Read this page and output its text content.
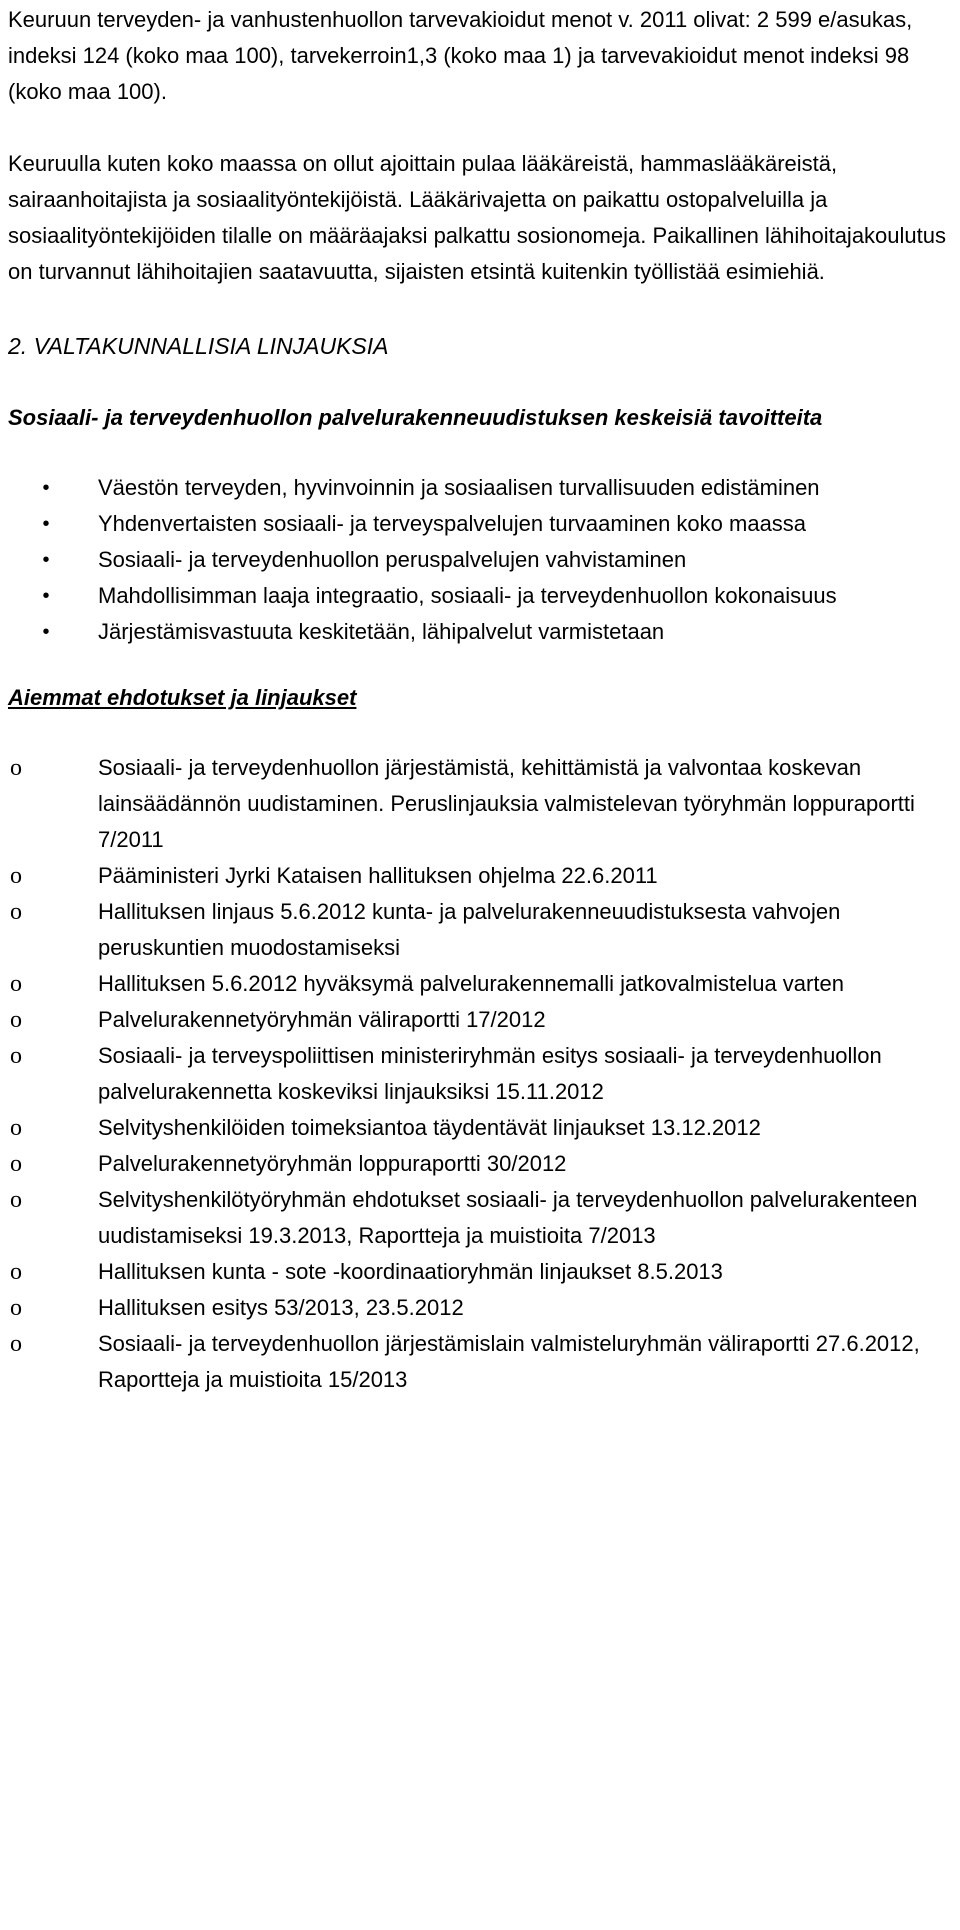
Keuruun terveyden- ja vanhustenhuollon tarvevakioidut menot v. 2011 olivat: 2 599 e/asukas, indeksi 124 (koko maa 100), tarvekerroin1,3 (koko maa 1) ja tarvevakioidut menot indeksi 98 (koko maa 100).

Keuruulla kuten koko maassa on ollut ajoittain pulaa lääkäreistä, hammaslääkäreistä, sairaanhoitajista ja sosiaalityöntekijöistä. Lääkärivajetta on paikattu ostopalveluilla ja sosiaalityöntekijöiden tilalle on määräajaksi palkattu sosionomeja. Paikallinen lähihoitajakoulutus on turvannut lähihoitajien saatavuutta, sijaisten etsintä kuitenkin työllistää esimiehiä.

2. VALTAKUNNALLISIA LINJAUKSIA

Sosiaali- ja terveydenhuollon palvelurakenneuudistuksen keskeisiä tavoitteita

• Väestön terveyden, hyvinvoinnin ja sosiaalisen turvallisuuden edistäminen
• Yhdenvertaisten sosiaali- ja terveyspalvelujen turvaaminen koko maassa
• Sosiaali- ja terveydenhuollon peruspalvelujen vahvistaminen
• Mahdollisimman laaja integraatio, sosiaali- ja terveydenhuollon kokonaisuus
• Järjestämisvastuuta keskitetään, lähipalvelut varmistetaan

Aiemmat ehdotukset ja linjaukset

o	Sosiaali- ja terveydenhuollon järjestämistä, kehittämistä ja valvontaa koskevan lainsäädännön uudistaminen. Peruslinjauksia valmistelevan työryhmän loppuraportti 7/2011
o	Pääministeri Jyrki Kataisen hallituksen ohjelma 22.6.2011
o	Hallituksen linjaus 5.6.2012 kunta- ja palvelurakenneuudistuksesta vahvojen peruskuntien muodostamiseksi
o	Hallituksen 5.6.2012 hyväksymä palvelurakennemalli jatkovalmistelua varten
o	Palvelurakennetyöryhmän väliraportti 17/2012
o	Sosiaali- ja terveyspoliittisen ministeriryhmän esitys sosiaali- ja terveydenhuollon palvelurakennetta koskeviksi linjauksiksi 15.11.2012
o	Selvityshenkilöiden toimeksiantoa täydentävät linjaukset 13.12.2012
o	Palvelurakennetyöryhmän loppuraportti 30/2012
o	Selvityshenkilötyöryhmän ehdotukset sosiaali- ja terveydenhuollon palvelurakenteen uudistamiseksi 19.3.2013, Raportteja ja muistioita 7/2013
o	Hallituksen kunta - sote -koordinaatioryhmän linjaukset 8.5.2013
o	Hallituksen esitys 53/2013, 23.5.2012
o	Sosiaali- ja terveydenhuollon järjestämislain valmisteluryhmän väliraportti 27.6.2012, Raportteja ja muistioita 15/2013
